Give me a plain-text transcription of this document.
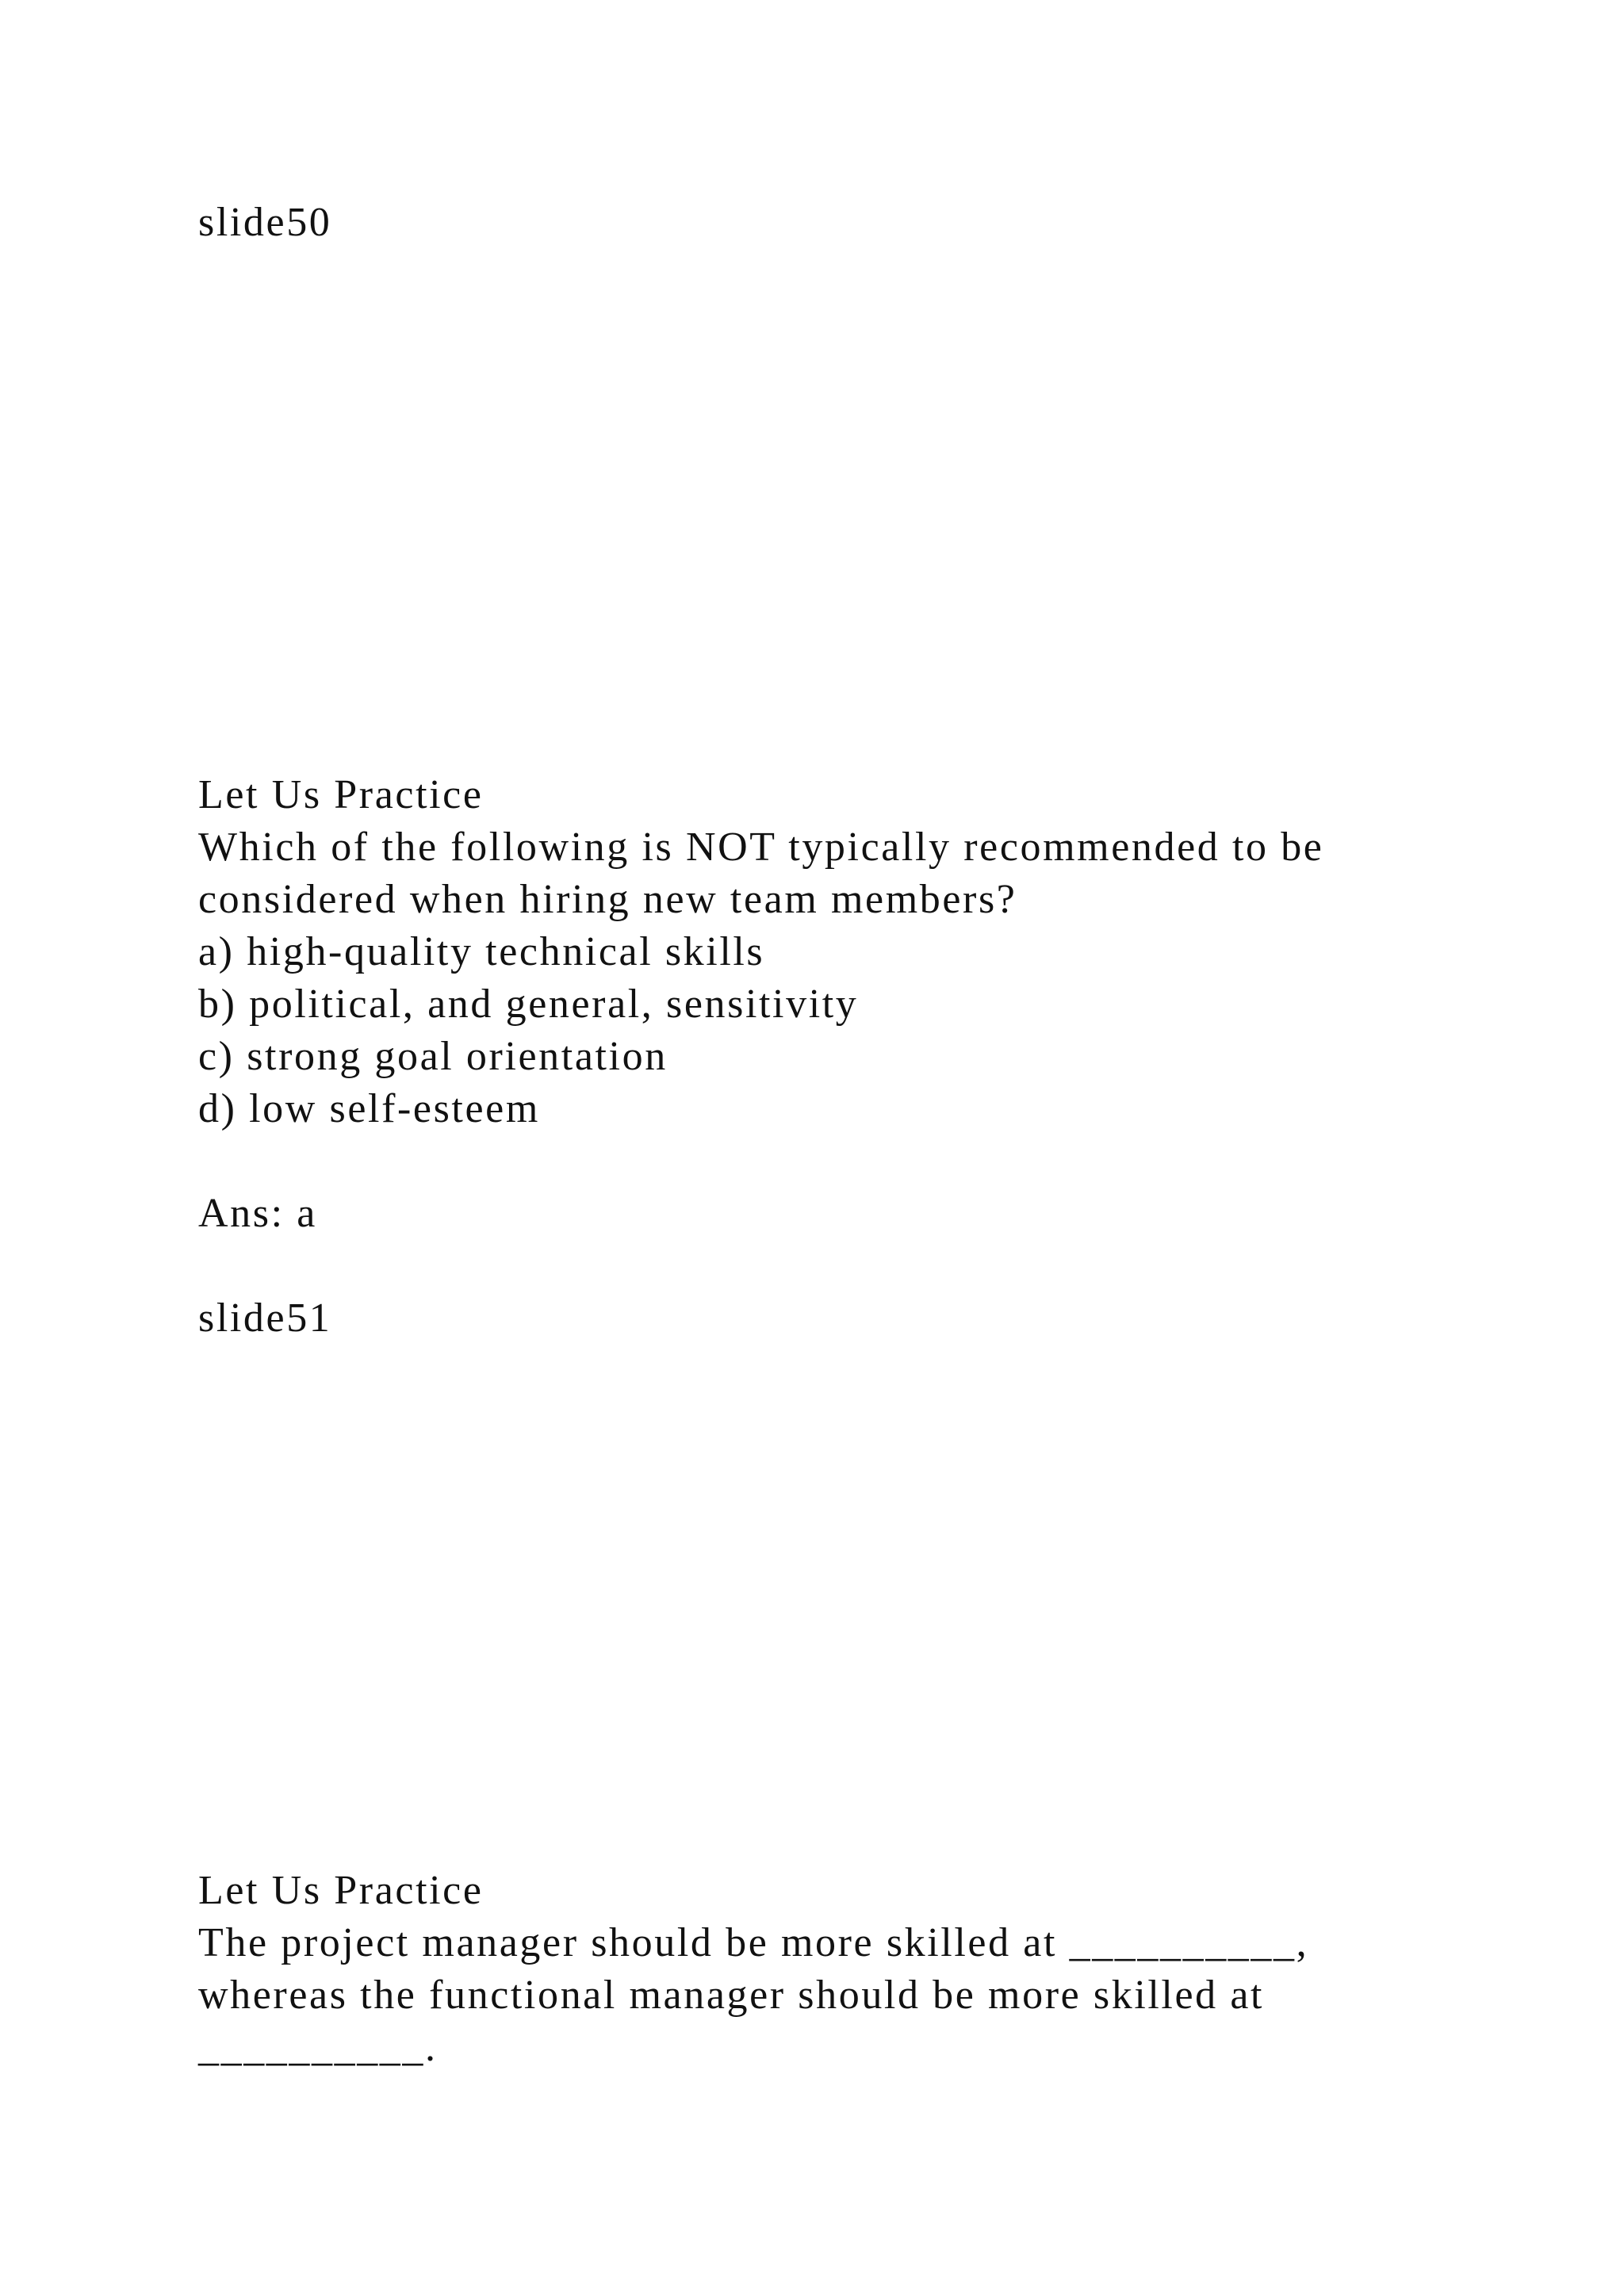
slide50
Let Us Practice
Which of the following is NOT typically recommended to be
considered when hiring new team members?
a) high-quality technical skills
b) political, and general, sensitivity
c) strong goal orientation
d) low self-esteem
Ans: a
slide51
Let Us Practice
The project manager should be more skilled at __________,
whereas the functional manager should be more skilled at
__________.
